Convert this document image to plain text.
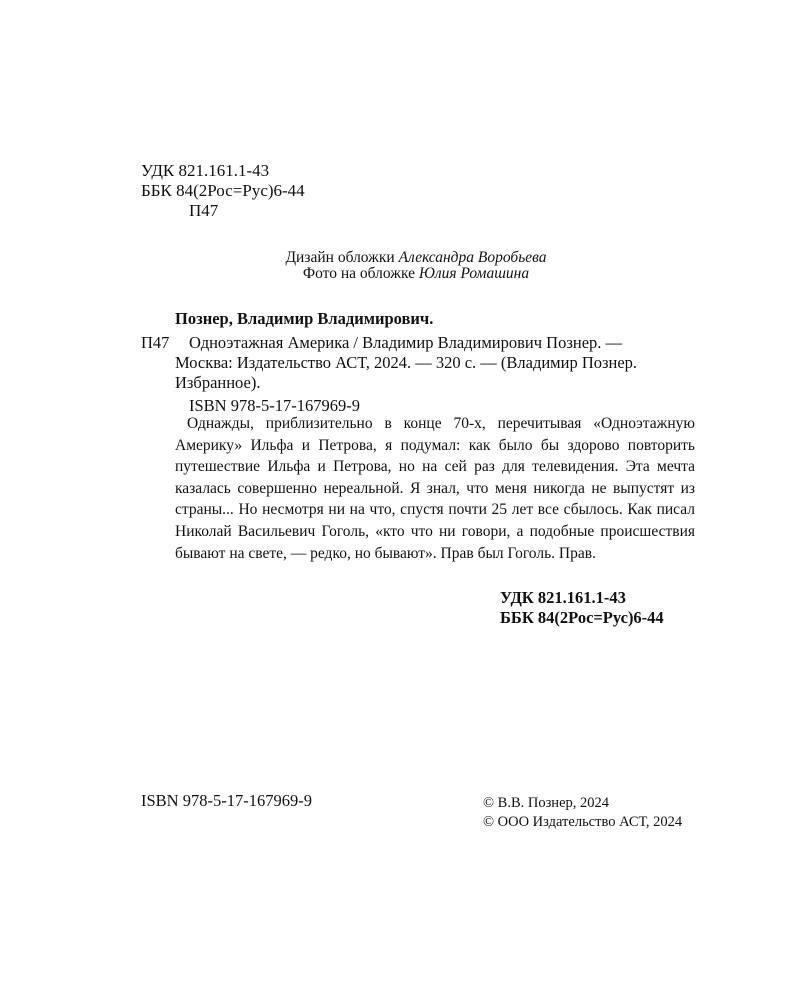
УДК 821.161.1-43
ББК 84(2Рос=Рус)6-44
П47
Дизайн обложки Александра Воробьева
Фото на обложке Юлия Ромашина
Познер, Владимир Владимирович.
П47 Одноэтажная Америка / Владимир Владимирович Познер. —
Москва: Издательство АСТ, 2024. — 320 с. — (Владимир Познер.
Избранное).
ISBN 978-5-17-167969-9
Однажды, приблизительно в конце 70-х, перечитывая «Одноэтажную Америку» Ильфа и Петрова, я подумал: как было бы здорово повторить путешествие Ильфа и Петрова, но на сей раз для телевидения. Эта мечта казалась совершенно нереальной. Я знал, что меня никогда не выпустят из страны... Но несмотря ни на что, спустя почти 25 лет все сбылось. Как писал Николай Васильевич Гоголь, «кто что ни говори, а подобные происшествия бывают на свете, — редко, но бывают». Прав был Гоголь. Прав.
УДК 821.161.1-43
ББК 84(2Рос=Рус)6-44
ISBN 978-5-17-167969-9	© В.В. Познер, 2024
© ООО Издательство АСТ, 2024
